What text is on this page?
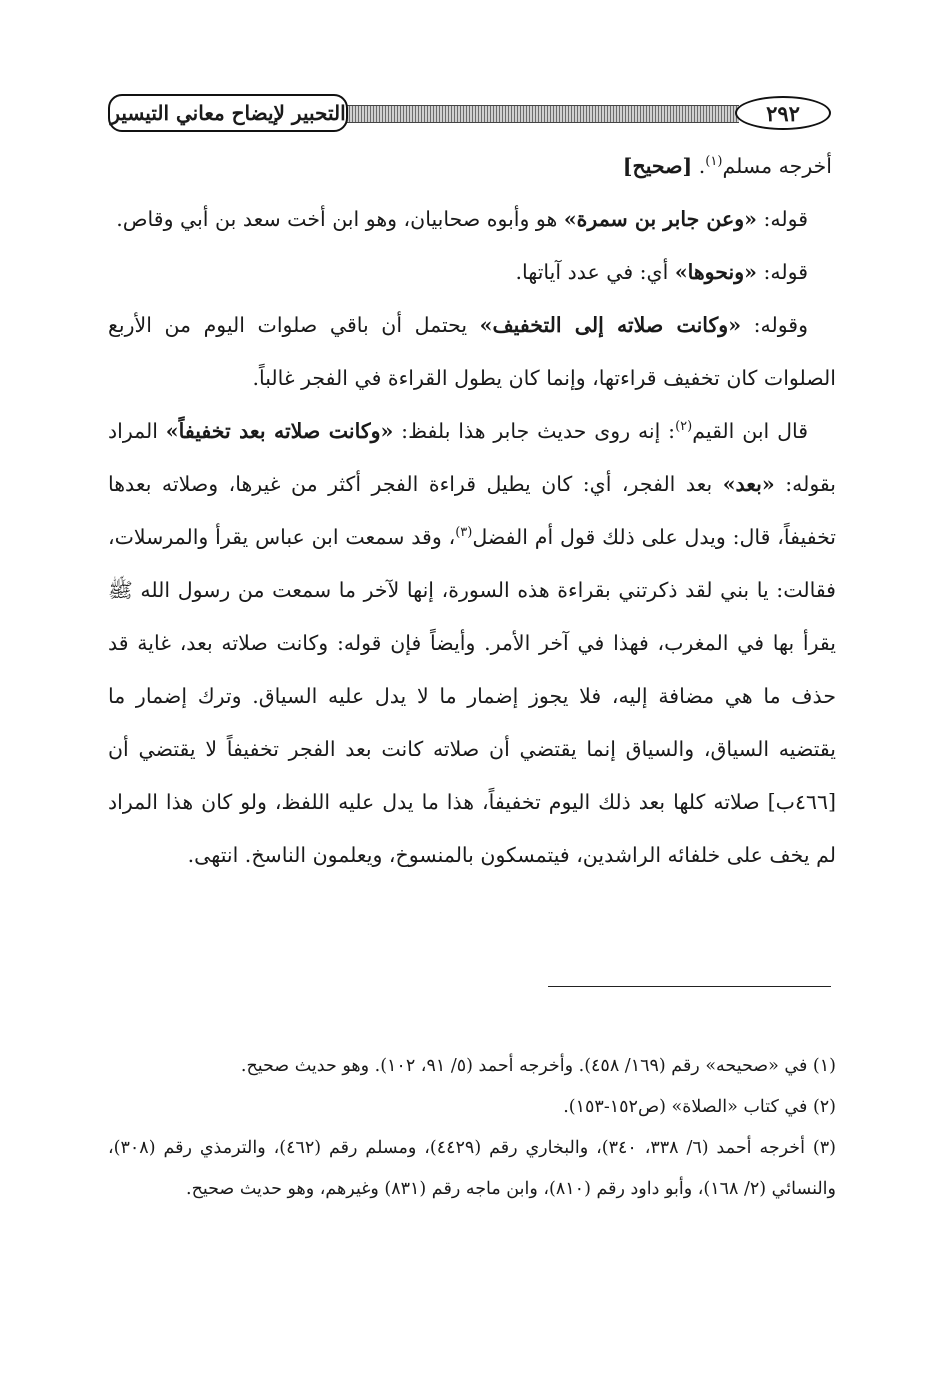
التحبير لإيضاح معاني التيسير	٢٩٢

أخرجه مسلم$^{(١)}$. [صحيح]

قوله: «وعن جابر بن سمرة» هو وأبوه صحابيان، وهو ابن أخت سعد بن أبي وقاص.

قوله: «ونحوها» أي: في عدد آياتها.

وقوله: «وكانت صلاته إلى التخفيف» يحتمل أن باقي صلوات اليوم من الأربع الصلوات كان تخفيف قراءتها، وإنما كان يطول القراءة في الفجر غالباً.

قال ابن القيم$^{(٢)}$: إنه روى حديث جابر هذا بلفظ: «وكانت صلاته بعد تخفيفاً» المراد بقوله: «بعد» بعد الفجر، أي: كان يطيل قراءة الفجر أكثر من غيرها، وصلاته بعدها تخفيفاً، قال: ويدل على ذلك قول أم الفضل$^{(٣)}$، وقد سمعت ابن عباس يقرأ والمرسلات، فقالت: يا بني لقد ذكرتني بقراءة هذه السورة، إنها لآخر ما سمعت من رسول الله ﷺ يقرأ بها في المغرب، فهذا في آخر الأمر. وأيضاً فإن قوله: وكانت صلاته بعد، غاية قد حذف ما هي مضافة إليه، فلا يجوز إضمار ما لا يدل عليه السياق. وترك إضمار ما يقتضيه السياق، والسياق إنما يقتضي أن صلاته كانت بعد الفجر تخفيفاً لا يقتضي أن [٤٦٦ب] صلاته كلها بعد ذلك اليوم تخفيفاً، هذا ما يدل عليه اللفظ، ولو كان هذا المراد لم يخف على خلفائه الراشدين، فيتمسكون بالمنسوخ، ويعلمون الناسخ. انتهى.

(١) في «صحيحه» رقم (١٦٩/ ٤٥٨). وأخرجه أحمد (٥/ ٩١، ١٠٢). وهو حديث صحيح.

(٢) في كتاب «الصلاة» (ص١٥٢-١٥٣).

(٣) أخرجه أحمد (٦/ ٣٣٨، ٣٤٠)، والبخاري رقم (٤٤٢٩)، ومسلم رقم (٤٦٢)، والترمذي رقم (٣٠٨)، والنسائي (٢/ ١٦٨)، وأبو داود رقم (٨١٠)، وابن ماجه رقم (٨٣١) وغيرهم، وهو حديث صحيح.
